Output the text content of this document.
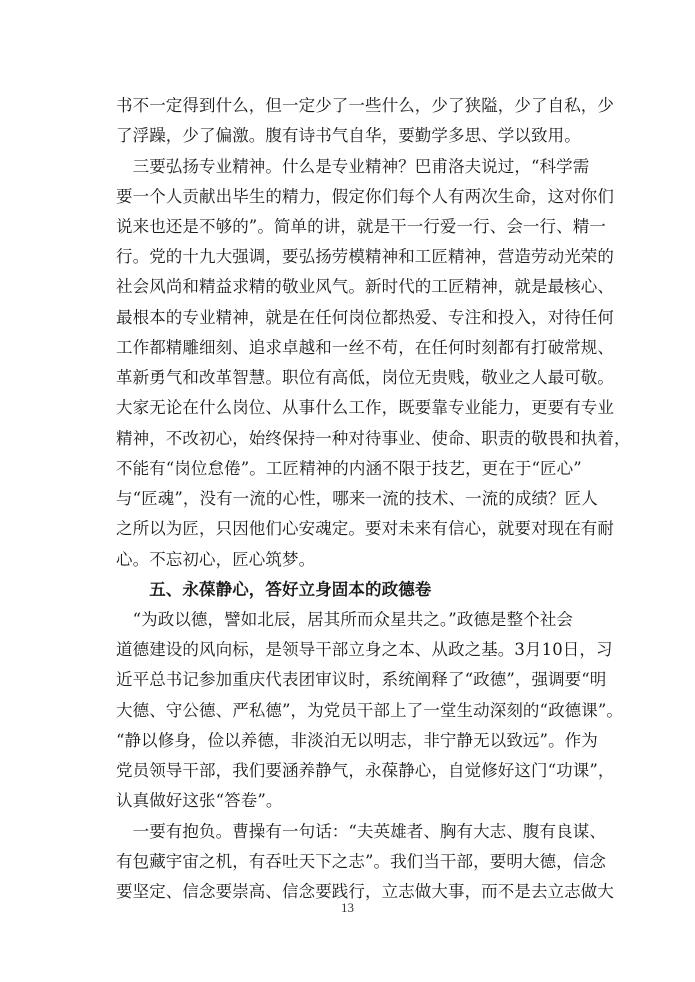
书不一定得到什么，但一定少了一些什么，少了狭隘，少了自私，少
了浮躁，少了偏激。腹有诗书气自华，要勤学多思、学以致用。
　三要弘扬专业精神。什么是专业精神？巴甫洛夫说过，“科学需
要一个人贡献出毕生的精力，假定你们每个人有两次生命，这对你们
说来也还是不够的”。简单的讲，就是干一行爱一行、会一行、精一
行。党的十九大强调，要弘扬劳模精神和工匠精神，营造劳动光荣的
社会风尚和精益求精的敬业风气。新时代的工匠精神，就是最核心、
最根本的专业精神，就是在任何岗位都热爱、专注和投入，对待任何
工作都精雕细刻、追求卓越和一丝不苟，在任何时刻都有打破常规、
革新勇气和改革智慧。职位有高低，岗位无贵贱，敬业之人最可敬。
大家无论在什么岗位、从事什么工作，既要靠专业能力，更要有专业
精神，不改初心，始终保持一种对待事业、使命、职责的敬畏和执着，
不能有“岗位怠倦”。工匠精神的内涵不限于技艺，更在于“匠心”
与“匠魂”，没有一流的心性，哪来一流的技术、一流的成绩？匠人
之所以为匠，只因他们心安魂定。要对未来有信心，就要对现在有耐
心。不忘初心，匠心筑梦。
　　五、永葆静心，答好立身固本的政德卷
　“为政以德，譬如北辰，居其所而众星共之。”政德是整个社会
道德建设的风向标，是领导干部立身之本、从政之基。3月10日，习
近平总书记参加重庆代表团审议时，系统阐释了“政德”，强调要“明
大德、守公德、严私德”，为党员干部上了一堂生动深刻的“政德课”。
“静以修身，俭以养德，非淡泊无以明志，非宁静无以致远”。作为
党员领导干部，我们要涵养静气，永葆静心，自觉修好这门“功课”，
认真做好这张“答卷”。
　一要有抱负。曹操有一句话：“夫英雄者、胸有大志、腹有良谋、
有包藏宇宙之机，有吞吐天下之志”。我们当干部，要明大德，信念
要坚定、信念要崇高、信念要践行，立志做大事，而不是去立志做大
13
